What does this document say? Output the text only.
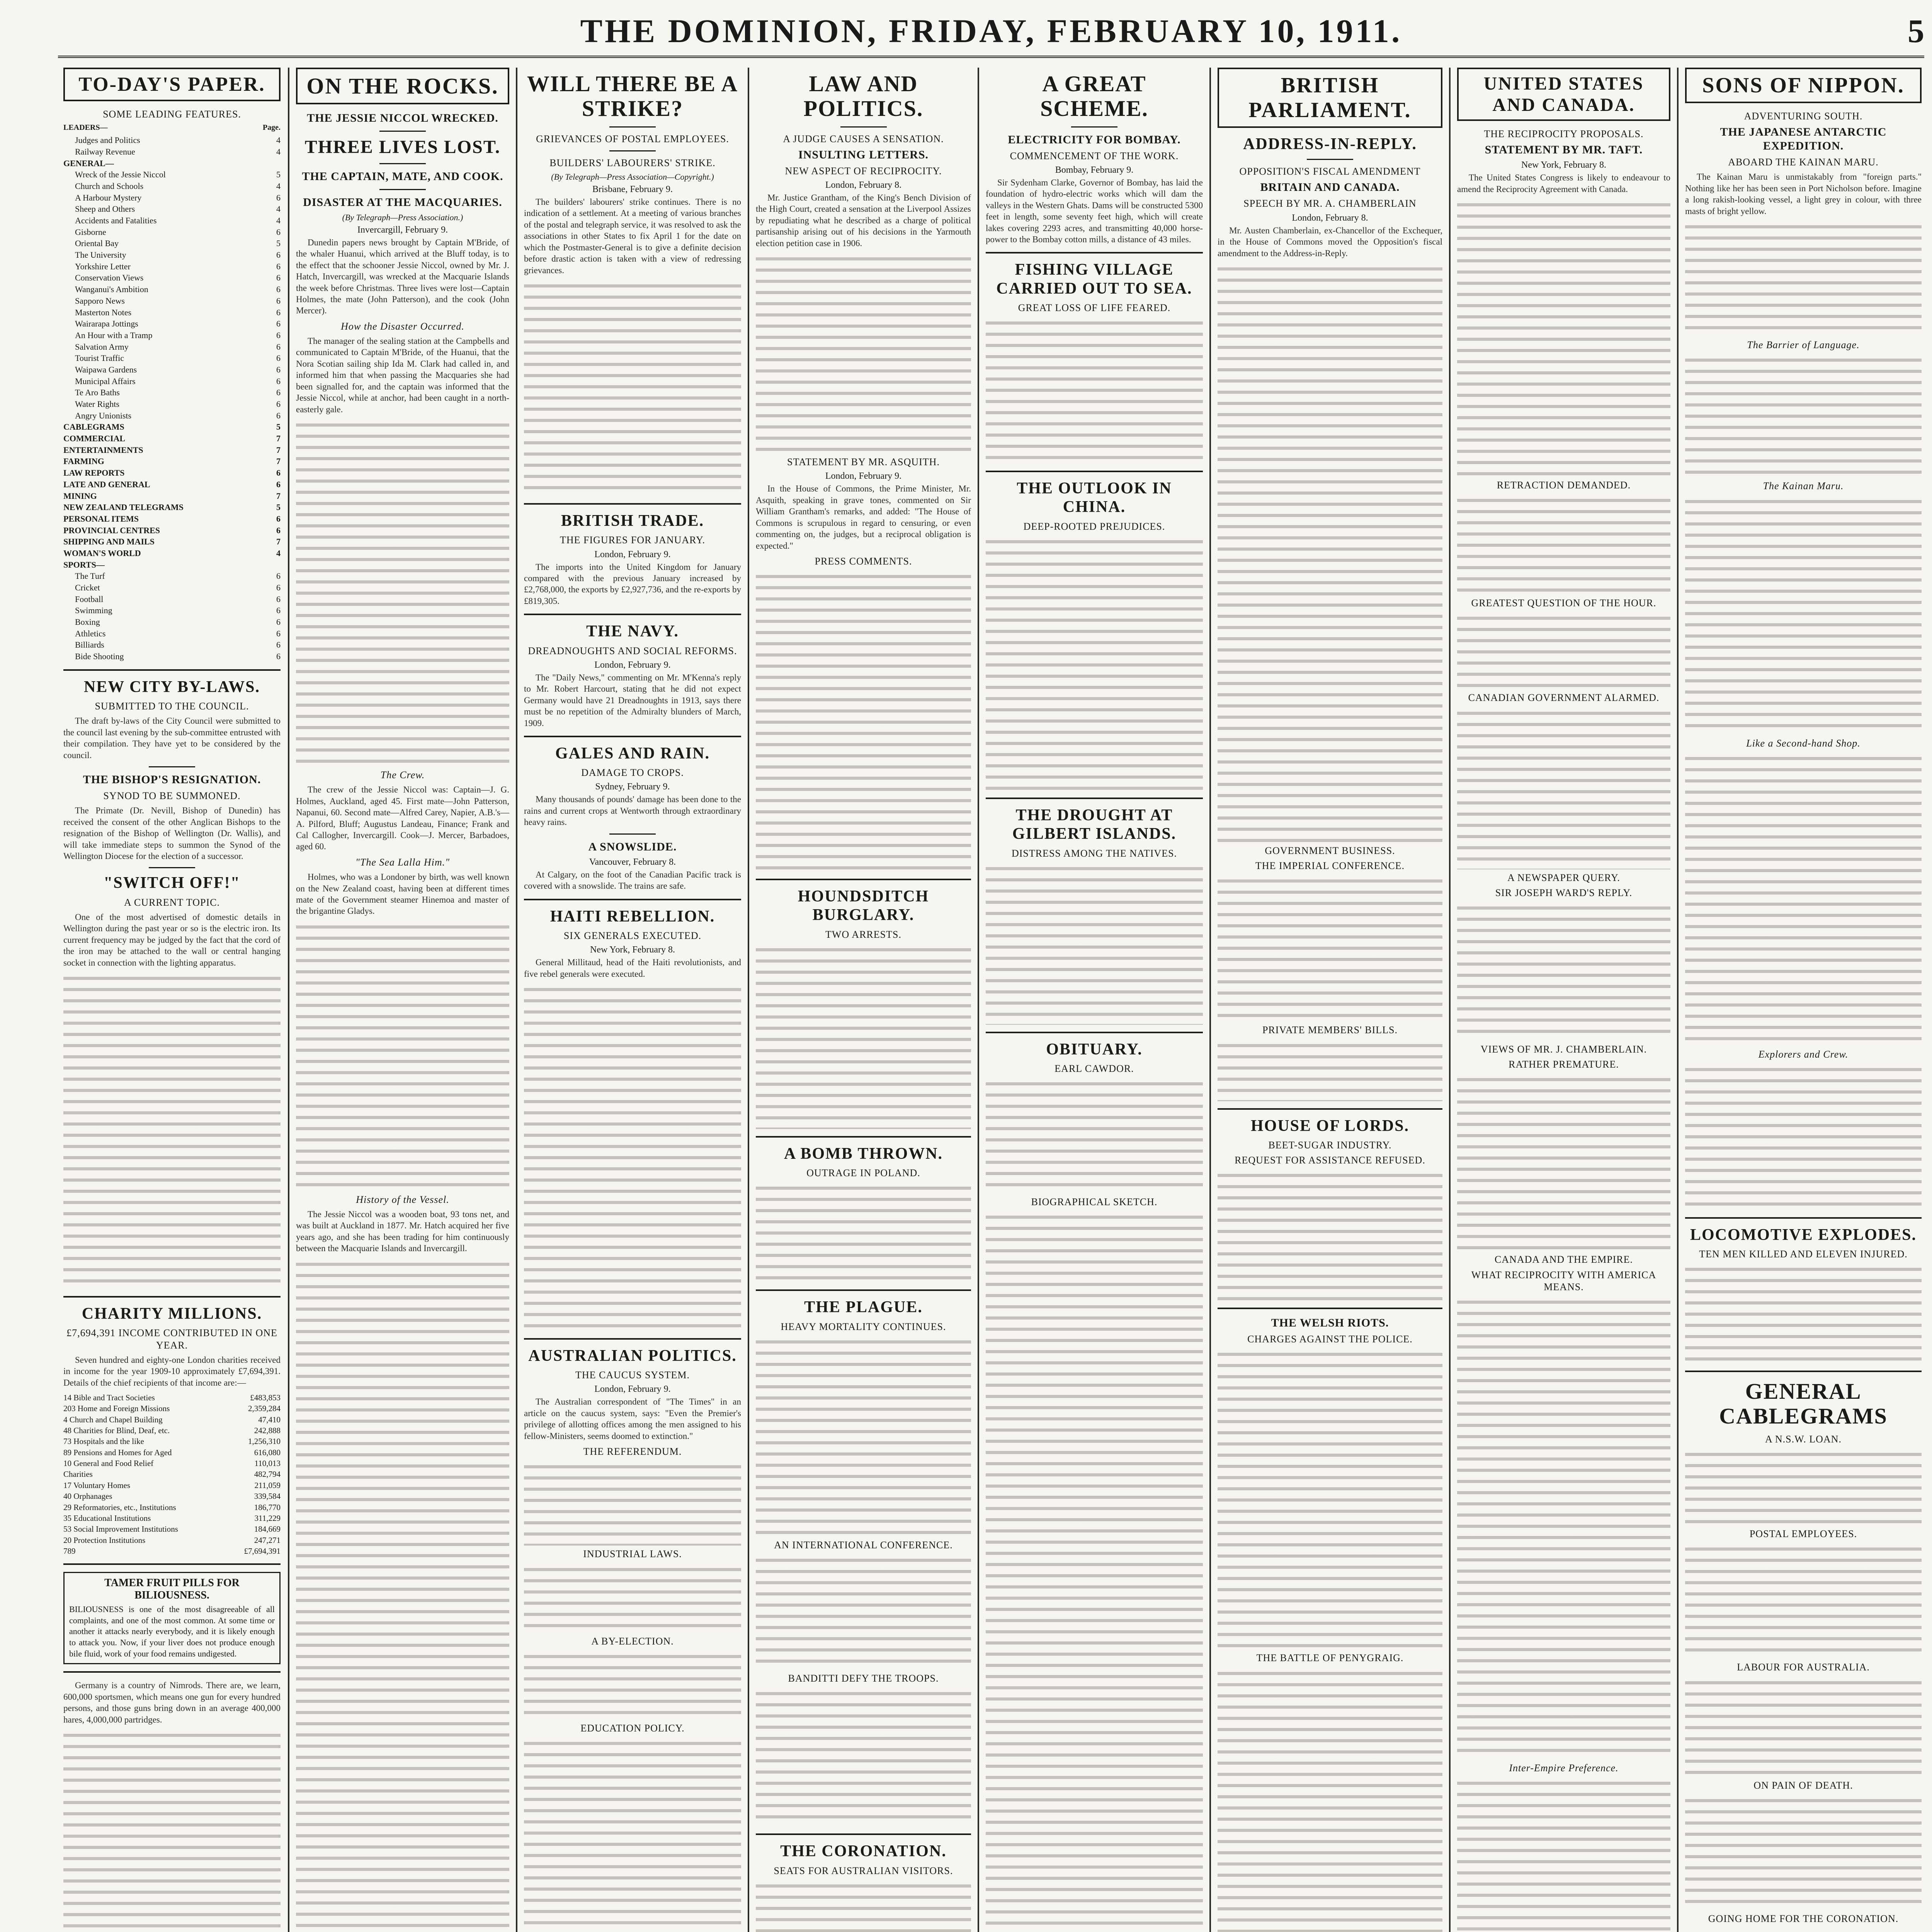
THE DOMINION, FRIDAY, FEBRUARY 10, 1911.	5
TO-DAY'S PAPER.
SOME LEADING FEATURES.
LEADERS—	Page.
Judges and Politics	4
Railway Revenue	4
GENERAL—
Wreck of the Jessie Niccol	5
Church and Schools	4
A Harbour Mystery	6
Sheep and Others	4
Accidents and Fatalities	4
Gisborne	6
Oriental Bay	5
The University	6
Yorkshire Letter	6
Conservation Views	6
Wanganui's Ambition	6
Sapporo News	6
Masterton Notes	6
Wairarapa Jottings	6
An Hour with a Tramp	6
Salvation Army	6
Tourist Traffic	6
Waipawa Gardens	6
Municipal Affairs	6
Te Aro Baths	6
Water Rights	6
Angry Unionists	6
CABLEGRAMS	5
COMMERCIAL	7
ENTERTAINMENTS	7
FARMING	7
LAW REPORTS	6
LATE AND GENERAL	6
MINING	7
NEW ZEALAND TELEGRAMS	5
PERSONAL ITEMS	6
PROVINCIAL CENTRES	6
SHIPPING AND MAILS	7
WOMAN'S WORLD	4
SPORTS—
The Turf	6
Cricket	6
Football	6
Swimming	6
Boxing	6
Athletics	6
Billiards	6
Bide Shooting	6
NEW CITY BY-LAWS.
SUBMITTED TO THE COUNCIL.

The draft by-laws of the City Council were submitted to the council last evening by the sub-committee entrusted with their compilation. They have yet to be considered by the council.

THE BISHOP'S RESIGNATION.
SYNOD TO BE SUMMONED.

The Primate (Dr. Nevill, Bishop of Dunedin) has received the consent of the other Anglican Bishops to the resignation of the Bishop of Wellington (Dr. Wallis), and will take immediate steps to summon the Synod of the Wellington Diocese for the election of a successor.

"SWITCH OFF!"
A CURRENT TOPIC.

One of the most advertised of domestic details in Wellington during the past year or so is the electric iron. Its current frequency may be judged by the fact that the cord of the iron may be attached to the wall or central hanging socket in connection with the lighting apparatus.

CHARITY MILLIONS.
£7,694,391 INCOME CONTRIBUTED IN ONE YEAR.

Seven hundred and eighty-one London charities received in income for the year 1909-10 approximately £7,694,391. Details of the chief recipients of that income are:—

14 Bible and Tract Societies	£483,853
203 Home and Foreign Missions	2,359,284
4 Church and Chapel Building	47,410
48 Charities for Blind, Deaf, etc.	242,888
73 Hospitals and the like	1,256,310
89 Pensions and Homes for Aged	616,080
10 General and Food Relief	110,013
Charities	482,794
17 Voluntary Homes	211,059
40 Orphanages	339,584
29 Reformatories, etc., Institutions	186,770
35 Educational Institutions	311,229
53 Social Improvement Institutions	184,669
20 Protection Institutions	247,271
789	£7,694,391
TAMER FRUIT PILLS FOR BILIOUSNESS.
BILIOUSNESS is one of the most disagreeable of all complaints, and one of the most common. At some time or another it attacks nearly everybody, and it is likely enough to attack you. Now, if your liver does not produce enough bile fluid, work of your food remains undigested.

Germany is a country of Nimrods. There are, we learn, 600,000 sportsmen, which means one gun for every hundred persons, and those guns bring down in an average 400,000 hares, 4,000,000 partridges.

ON THE ROCKS.
THE JESSIE NICCOL WRECKED.
THREE LIVES LOST.
THE CAPTAIN, MATE, AND COOK.
DISASTER AT THE MACQUARIES.
(By Telegraph—Press Association.)
Invercargill, February 9.

Dunedin papers news brought by Captain M'Bride, of the whaler Huanui, which arrived at the Bluff today, is to the effect that the schooner Jessie Niccol, owned by Mr. J. Hatch, Invercargill, was wrecked at the Macquarie Islands the week before Christmas. Three lives were lost—Captain Holmes, the mate (John Patterson), and the cook (John Mercer).

How the Disaster Occurred.

The manager of the sealing station at the Campbells and communicated to Captain M'Bride, of the Huanui, that the Nora Scotian sailing ship Ida M. Clark had called in, and informed him that when passing the Macquaries she had been signalled for, and the captain was informed that the Jessie Niccol, while at anchor, had been caught in a north-easterly gale.

The Crew.

The crew of the Jessie Niccol was: Captain—J. G. Holmes, Auckland, aged 45. First mate—John Patterson, Napanui, 60. Second mate—Alfred Carey, Napier, A.B.'s—A. Pilford, Bluff; Augustus Landeau, Finance; Frank and Cal Callogher, Invercargill. Cook—J. Mercer, Barbadoes, aged 60.

"The Sea Lalla Him."

Holmes, who was a Londoner by birth, was well known on the New Zealand coast, having been at different times mate of the Government steamer Hinemoa and master of the brigantine Gladys.

History of the Vessel.

The Jessie Niccol was a wooden boat, 93 tons net, and was built at Auckland in 1877. Mr. Hatch acquired her five years ago, and she has been trading for him continuously between the Macquarie Islands and Invercargill.

WILL THERE BE A STRIKE?
GRIEVANCES OF POSTAL EMPLOYEES.
BUILDERS' LABOURERS' STRIKE.
(By Telegraph—Press Association—Copyright.)
Brisbane, February 9.

The builders' labourers' strike continues. There is no indication of a settlement. At a meeting of various branches of the postal and telegraph service, it was resolved to ask the associations in other States to fix April 1 for the date on which the Postmaster-General is to give a definite decision before drastic action is taken with a view of redressing grievances.

BRITISH TRADE.
THE FIGURES FOR JANUARY.
London, February 9.

The imports into the United Kingdom for January compared with the previous January increased by £2,768,000, the exports by £2,927,736, and the re-exports by £819,305.

THE NAVY.
DREADNOUGHTS AND SOCIAL REFORMS.
London, February 9.

The "Daily News," commenting on Mr. M'Kenna's reply to Mr. Robert Harcourt, stating that he did not expect Germany would have 21 Dreadnoughts in 1913, says there must be no repetition of the Admiralty blunders of March, 1909.

GALES AND RAIN.
DAMAGE TO CROPS.
Sydney, February 9.

Many thousands of pounds' damage has been done to the rains and current crops at Wentworth through extraordinary heavy rains.

A SNOWSLIDE.
Vancouver, February 8.

At Calgary, on the foot of the Canadian Pacific track is covered with a snowslide. The trains are safe.

HAITI REBELLION.
SIX GENERALS EXECUTED.
New York, February 8.

General Millitaud, head of the Haiti revolutionists, and five rebel generals were executed.

AUSTRALIAN POLITICS.
THE CAUCUS SYSTEM.
London, February 9.

The Australian correspondent of "The Times" in an article on the caucus system, says: "Even the Premier's privilege of allotting offices among the men assigned to his fellow-Ministers, seems doomed to extinction."

THE REFERENDUM.
INDUSTRIAL LAWS.
A BY-ELECTION.
EDUCATION POLICY.
LAW AND POLITICS.
A JUDGE CAUSES A SENSATION.
INSULTING LETTERS.
NEW ASPECT OF RECIPROCITY.
London, February 8.

Mr. Justice Grantham, of the King's Bench Division of the High Court, created a sensation at the Liverpool Assizes by repudiating what he described as a charge of political partisanship arising out of his decisions in the Yarmouth election petition case in 1906.

STATEMENT BY MR. ASQUITH.
London, February 9.

In the House of Commons, the Prime Minister, Mr. Asquith, speaking in grave tones, commented on Sir William Grantham's remarks, and added: "The House of Commons is scrupulous in regard to censuring, or even commenting on, the judges, but a reciprocal obligation is expected."

PRESS COMMENTS.
HOUNDSDITCH BURGLARY.
TWO ARRESTS.
A BOMB THROWN.
OUTRAGE IN POLAND.
THE PLAGUE.
HEAVY MORTALITY CONTINUES.
AN INTERNATIONAL CONFERENCE.
BANDITTI DEFY THE TROOPS.
THE CORONATION.
SEATS FOR AUSTRALIAN VISITORS.
A GREAT SCHEME.
ELECTRICITY FOR BOMBAY.
COMMENCEMENT OF THE WORK.
Bombay, February 9.

Sir Sydenham Clarke, Governor of Bombay, has laid the foundation of hydro-electric works which will dam the valleys in the Western Ghats. Dams will be constructed 5300 feet in length, some seventy feet high, which will create lakes covering 2293 acres, and transmitting 40,000 horse-power to the Bombay cotton mills, a distance of 43 miles.

FISHING VILLAGE CARRIED OUT TO SEA.
GREAT LOSS OF LIFE FEARED.
THE OUTLOOK IN CHINA.
DEEP-ROOTED PREJUDICES.
THE DROUGHT AT GILBERT ISLANDS.
DISTRESS AMONG THE NATIVES.
OBITUARY.
EARL CAWDOR.
BIOGRAPHICAL SKETCH.
BRITISH PARLIAMENT.
ADDRESS-IN-REPLY.
OPPOSITION'S FISCAL AMENDMENT
BRITAIN AND CANADA.
SPEECH BY MR. A. CHAMBERLAIN
London, February 8.

Mr. Austen Chamberlain, ex-Chancellor of the Exchequer, in the House of Commons moved the Opposition's fiscal amendment to the Address-in-Reply.

GOVERNMENT BUSINESS.
THE IMPERIAL CONFERENCE.
PRIVATE MEMBERS' BILLS.
HOUSE OF LORDS.
BEET-SUGAR INDUSTRY.
REQUEST FOR ASSISTANCE REFUSED.
THE WELSH RIOTS.
CHARGES AGAINST THE POLICE.
THE BATTLE OF PENYGRAIG.
UNITED STATES AND CANADA.
THE RECIPROCITY PROPOSALS.
STATEMENT BY MR. TAFT.
New York, February 8.

The United States Congress is likely to endeavour to amend the Reciprocity Agreement with Canada.

RETRACTION DEMANDED.
GREATEST QUESTION OF THE HOUR.
CANADIAN GOVERNMENT ALARMED.
A NEWSPAPER QUERY.
SIR JOSEPH WARD'S REPLY.
VIEWS OF MR. J. CHAMBERLAIN.
RATHER PREMATURE.
CANADA AND THE EMPIRE.
WHAT RECIPROCITY WITH AMERICA MEANS.
Inter-Empire Preference.
SONS OF NIPPON.
ADVENTURING SOUTH.
THE JAPANESE ANTARCTIC EXPEDITION.
ABOARD THE KAINAN MARU.

The Kainan Maru is unmistakably from "foreign parts." Nothing like her has been seen in Port Nicholson before. Imagine a long rakish-looking vessel, a light grey in colour, with three masts of bright yellow.

The Barrier of Language.
The Kainan Maru.
Like a Second-hand Shop.
Explorers and Crew.
LOCOMOTIVE EXPLODES.
TEN MEN KILLED AND ELEVEN INJURED.
GENERAL CABLEGRAMS
A N.S.W. LOAN.
POSTAL EMPLOYEES.
LABOUR FOR AUSTRALIA.
ON PAIN OF DEATH.
GOING HOME FOR THE CORONATION.
